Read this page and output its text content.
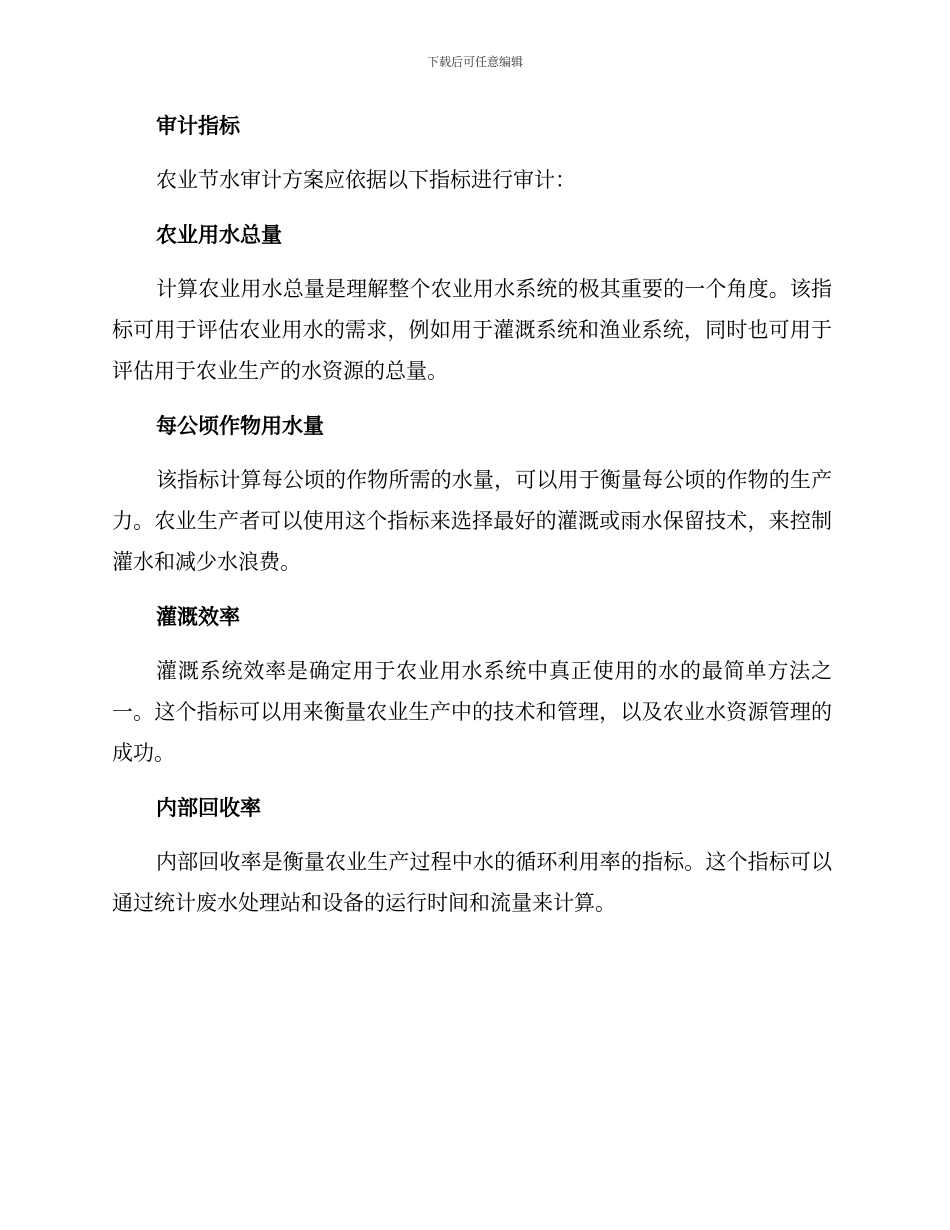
下载后可任意编辑
审计指标
农业节水审计方案应依据以下指标进行审计：
农业用水总量
计算农业用水总量是理解整个农业用水系统的极其重要的一个角度。该指标可用于评估农业用水的需求，例如用于灌溉系统和渔业系统，同时也可用于评估用于农业生产的水资源的总量。
每公顷作物用水量
该指标计算每公顷的作物所需的水量，可以用于衡量每公顷的作物的生产力。农业生产者可以使用这个指标来选择最好的灌溉或雨水保留技术，来控制灌水和减少水浪费。
灌溉效率
灌溉系统效率是确定用于农业用水系统中真正使用的水的最简单方法之一。这个指标可以用来衡量农业生产中的技术和管理，以及农业水资源管理的成功。
内部回收率
内部回收率是衡量农业生产过程中水的循环利用率的指标。这个指标可以通过统计废水处理站和设备的运行时间和流量来计算。
